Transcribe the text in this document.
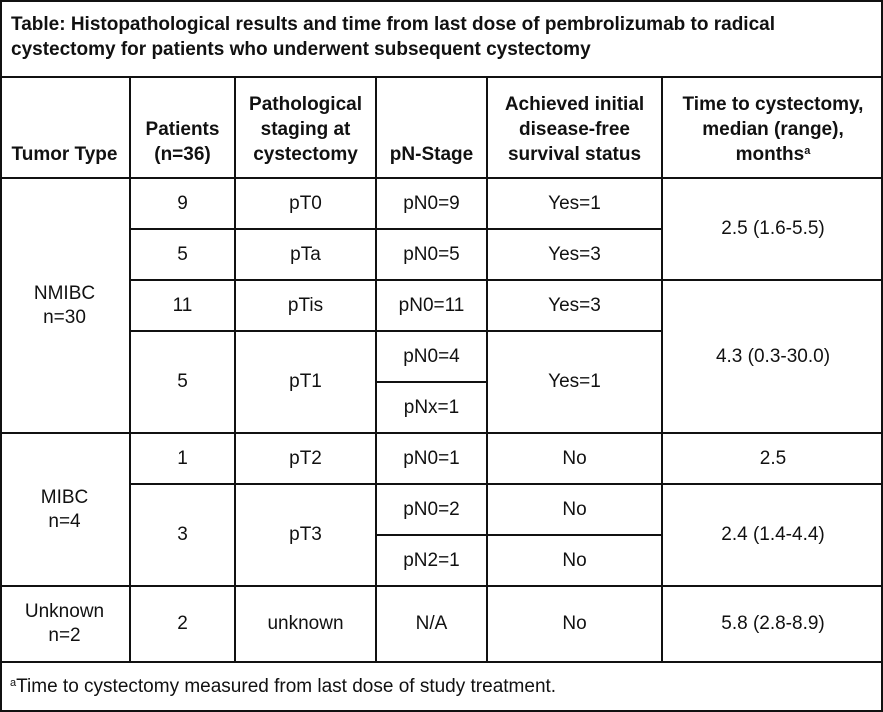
Table: Histopathological results and time from last dose of pembrolizumab to radical cystectomy for patients who underwent subsequent cystectomy
Tumor Type	Patients (n=36)	Pathological staging at cystectomy	pN-Stage	Achieved initial disease-free survival status	Time to cystectomy, median (range), months$^a$

NMIBC
n=30	9	pT0	pN0=9	Yes=1	2.5 (1.6-5.5)
	5	pTa	pN0=5	Yes=3	
	11	pTis	pN0=11	Yes=3	4.3 (0.3-30.0)
	5	pT1	pN0=4	Yes=1	
			pNx=1		

MIBC
n=4	1	pT2	pN0=1	No	2.5
	3	pT3	pN0=2	No	2.4 (1.4-4.4)
			pN2=1	No	

Unknown
n=2	2	unknown	N/A	No	5.8 (2.8-8.9)
$^a$Time to cystectomy measured from last dose of study treatment.
